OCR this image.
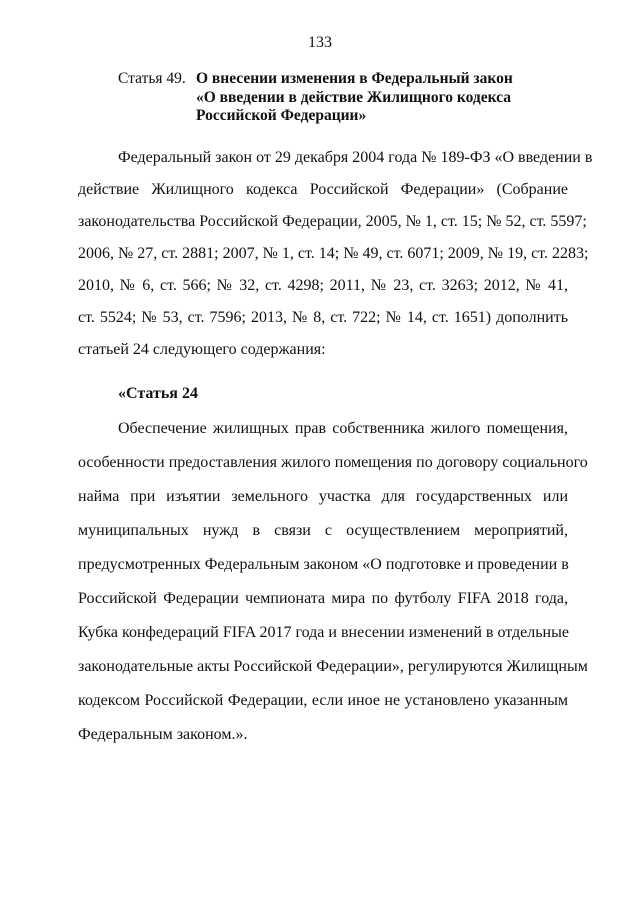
133
Статья 49. О внесении изменения в Федеральный закон
«О введении в действие Жилищного кодекса
Российской Федерации»
Федеральный закон от 29 декабря 2004 года № 189-ФЗ «О введении в
действие Жилищного кодекса Российской Федерации» (Собрание
законодательства Российской Федерации, 2005, № 1, ст. 15; № 52, ст. 5597;
2006, № 27, ст. 2881; 2007, № 1, ст. 14; № 49, ст. 6071; 2009, № 19, ст. 2283;
2010, № 6, ст. 566; № 32, ст. 4298; 2011, № 23, ст. 3263; 2012, № 41,
ст. 5524; № 53, ст. 7596; 2013, № 8, ст. 722; № 14, ст. 1651) дополнить
статьей 24 следующего содержания:
«Статья 24
Обеспечение жилищных прав собственника жилого помещения,
особенности предоставления жилого помещения по договору социального
найма при изъятии земельного участка для государственных или
муниципальных нужд в связи с осуществлением мероприятий,
предусмотренных Федеральным законом «О подготовке и проведении в
Российской Федерации чемпионата мира по футболу FIFA 2018 года,
Кубка конфедераций FIFA 2017 года и внесении изменений в отдельные
законодательные акты Российской Федерации», регулируются Жилищным
кодексом Российской Федерации, если иное не установлено указанным
Федеральным законом.».
